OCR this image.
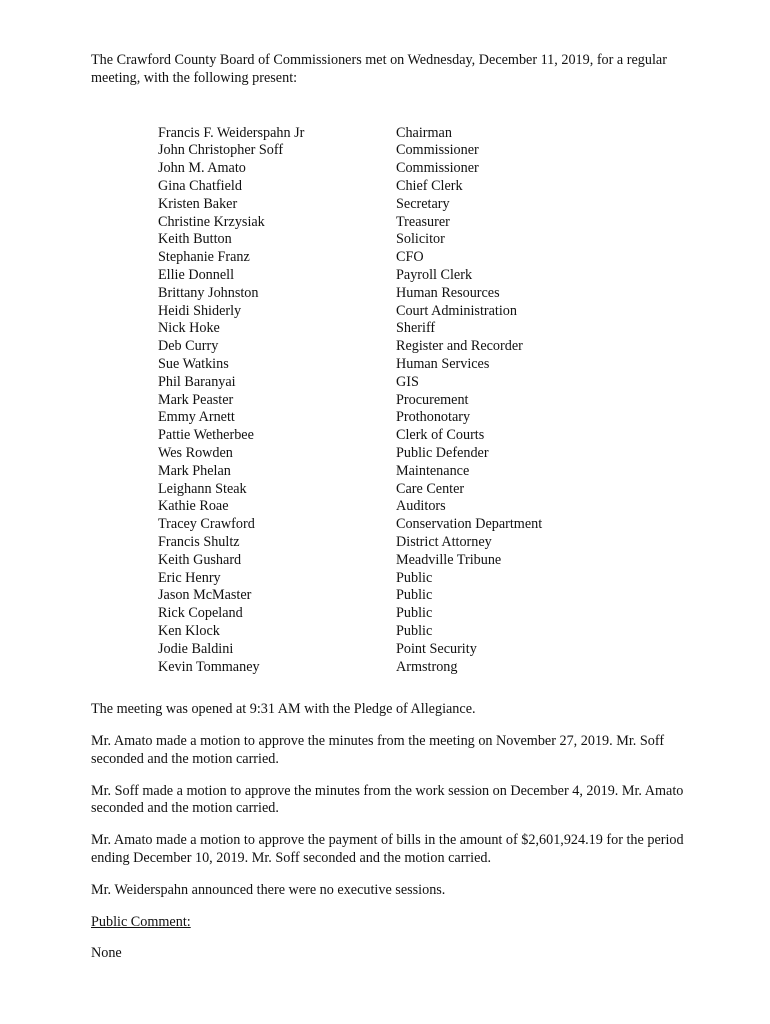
The Crawford County Board of Commissioners met on Wednesday, December 11, 2019, for a regular meeting, with the following present:

Francis F. Weiderspahn Jr	Chairman
John Christopher Soff	Commissioner
John M. Amato	Commissioner
Gina Chatfield	Chief Clerk
Kristen Baker	Secretary
Christine Krzysiak	Treasurer
Keith Button	Solicitor
Stephanie Franz	CFO
Ellie Donnell	Payroll Clerk
Brittany Johnston	Human Resources
Heidi Shiderly	Court Administration
Nick Hoke	Sheriff
Deb Curry	Register and Recorder
Sue Watkins	Human Services
Phil Baranyai	GIS
Mark Peaster	Procurement
Emmy Arnett	Prothonotary
Pattie Wetherbee	Clerk of Courts
Wes Rowden	Public Defender
Mark Phelan	Maintenance
Leighann Steak	Care Center
Kathie Roae	Auditors
Tracey Crawford	Conservation Department
Francis Shultz	District Attorney
Keith Gushard	Meadville Tribune
Eric Henry	Public
Jason McMaster	Public
Rick Copeland	Public
Ken Klock	Public
Jodie Baldini	Point Security
Kevin Tommaney	Armstrong

The meeting was opened at 9:31 AM with the Pledge of Allegiance.

Mr. Amato made a motion to approve the minutes from the meeting on November 27, 2019. Mr. Soff seconded and the motion carried.

Mr. Soff made a motion to approve the minutes from the work session on December 4, 2019. Mr. Amato seconded and the motion carried.

Mr. Amato made a motion to approve the payment of bills in the amount of $2,601,924.19 for the period ending December 10, 2019. Mr. Soff seconded and the motion carried.

Mr. Weiderspahn announced there were no executive sessions.

Public Comment:

None
